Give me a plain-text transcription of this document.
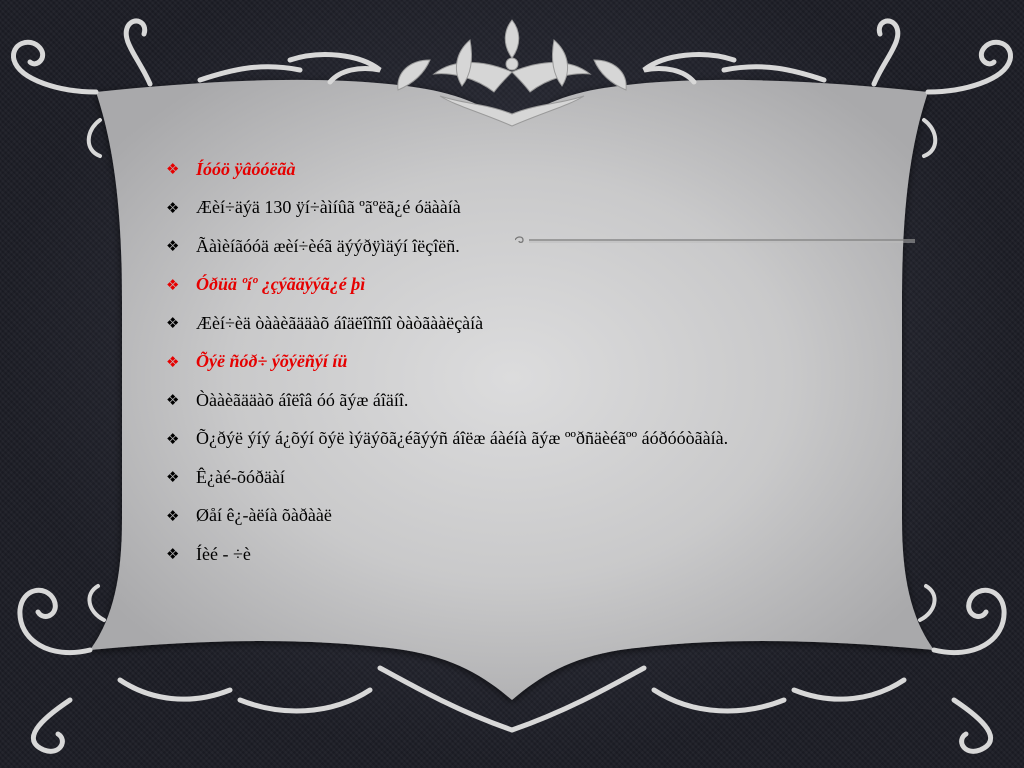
❖ Íóóö ÿâóóëãà
❖ Æèí÷äýä 130 ÿí÷àìíûã ºãºëã¿é óäààíà
❖ Ãàìèíãóóä æèí÷èéã äýýðÿìäýí îëçîëñ.
❖ Óðüä ºíº ¿çýãäýýã¿é þì
❖ Æèí÷èä òààèãääàõ áîäëîîñîî òàòãààëçàíà
❖ Õýë ñóð÷ ýõýëñýí íü
❖ Òààèãääàõ áîëîâ óó ãýæ áîäíî.
❖ Õ¿ðýë ýíý á¿õýí õýë ìýäýõã¿éãýýñ áîëæ áàéíà ãýæ ººðñäèéãºº áóðóóòãàíà.
❖ Ê¿àé-õóðäàí
❖ Øåí ê¿-àëíà õàðààë
❖ Íèé - ÷è
